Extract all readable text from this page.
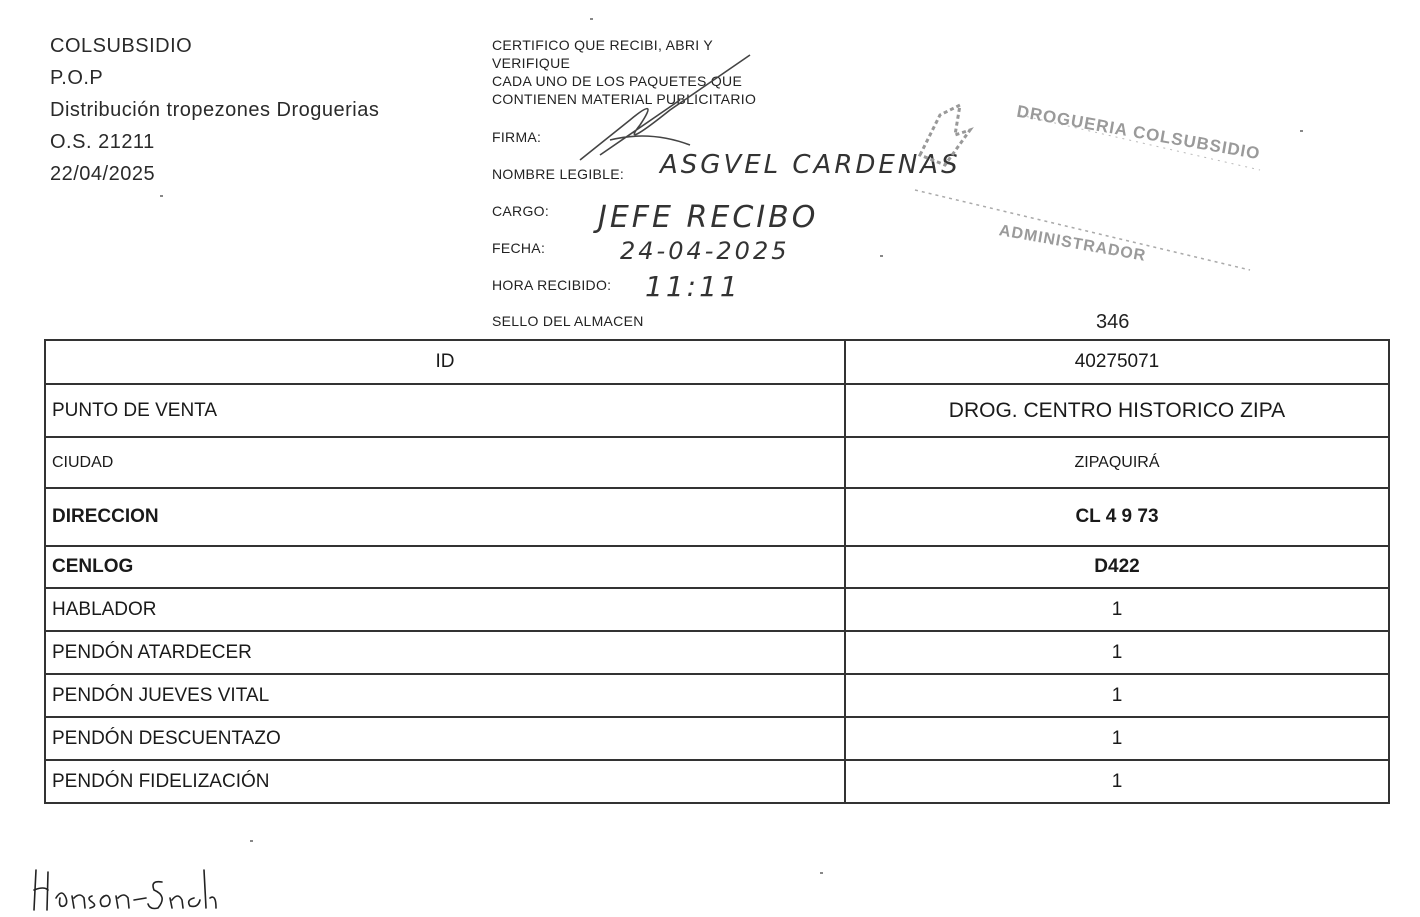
COLSUBSIDIO
P.O.P
Distribución tropezones Droguerias
O.S. 21211
22/04/2025
CERTIFICO QUE RECIBI, ABRI Y
VERIFIQUE
CADA UNO DE LOS PAQUETES QUE
CONTIENEN MATERIAL PUBLICITARIO
FIRMA:
NOMBRE LEGIBLE: ASGVEL CARDENAS
CARGO: JEFE RECIBO
FECHA:	24-04-2025
HORA RECIBIDO: 11:11
SELLO DEL ALMACEN
DROGUERIA COLSUBSIDIO
ADMINISTRADOR
346
ID	40275071
PUNTO DE VENTA	DROG. CENTRO HISTORICO ZIPA
CIUDAD	ZIPAQUIRÁ
DIRECCION	CL 4 9 73
CENLOG	D422
HABLADOR	1
PENDÓN ATARDECER	1
PENDÓN JUEVES VITAL	1
PENDÓN DESCUENTAZO	1
PENDÓN FIDELIZACIÓN	1
